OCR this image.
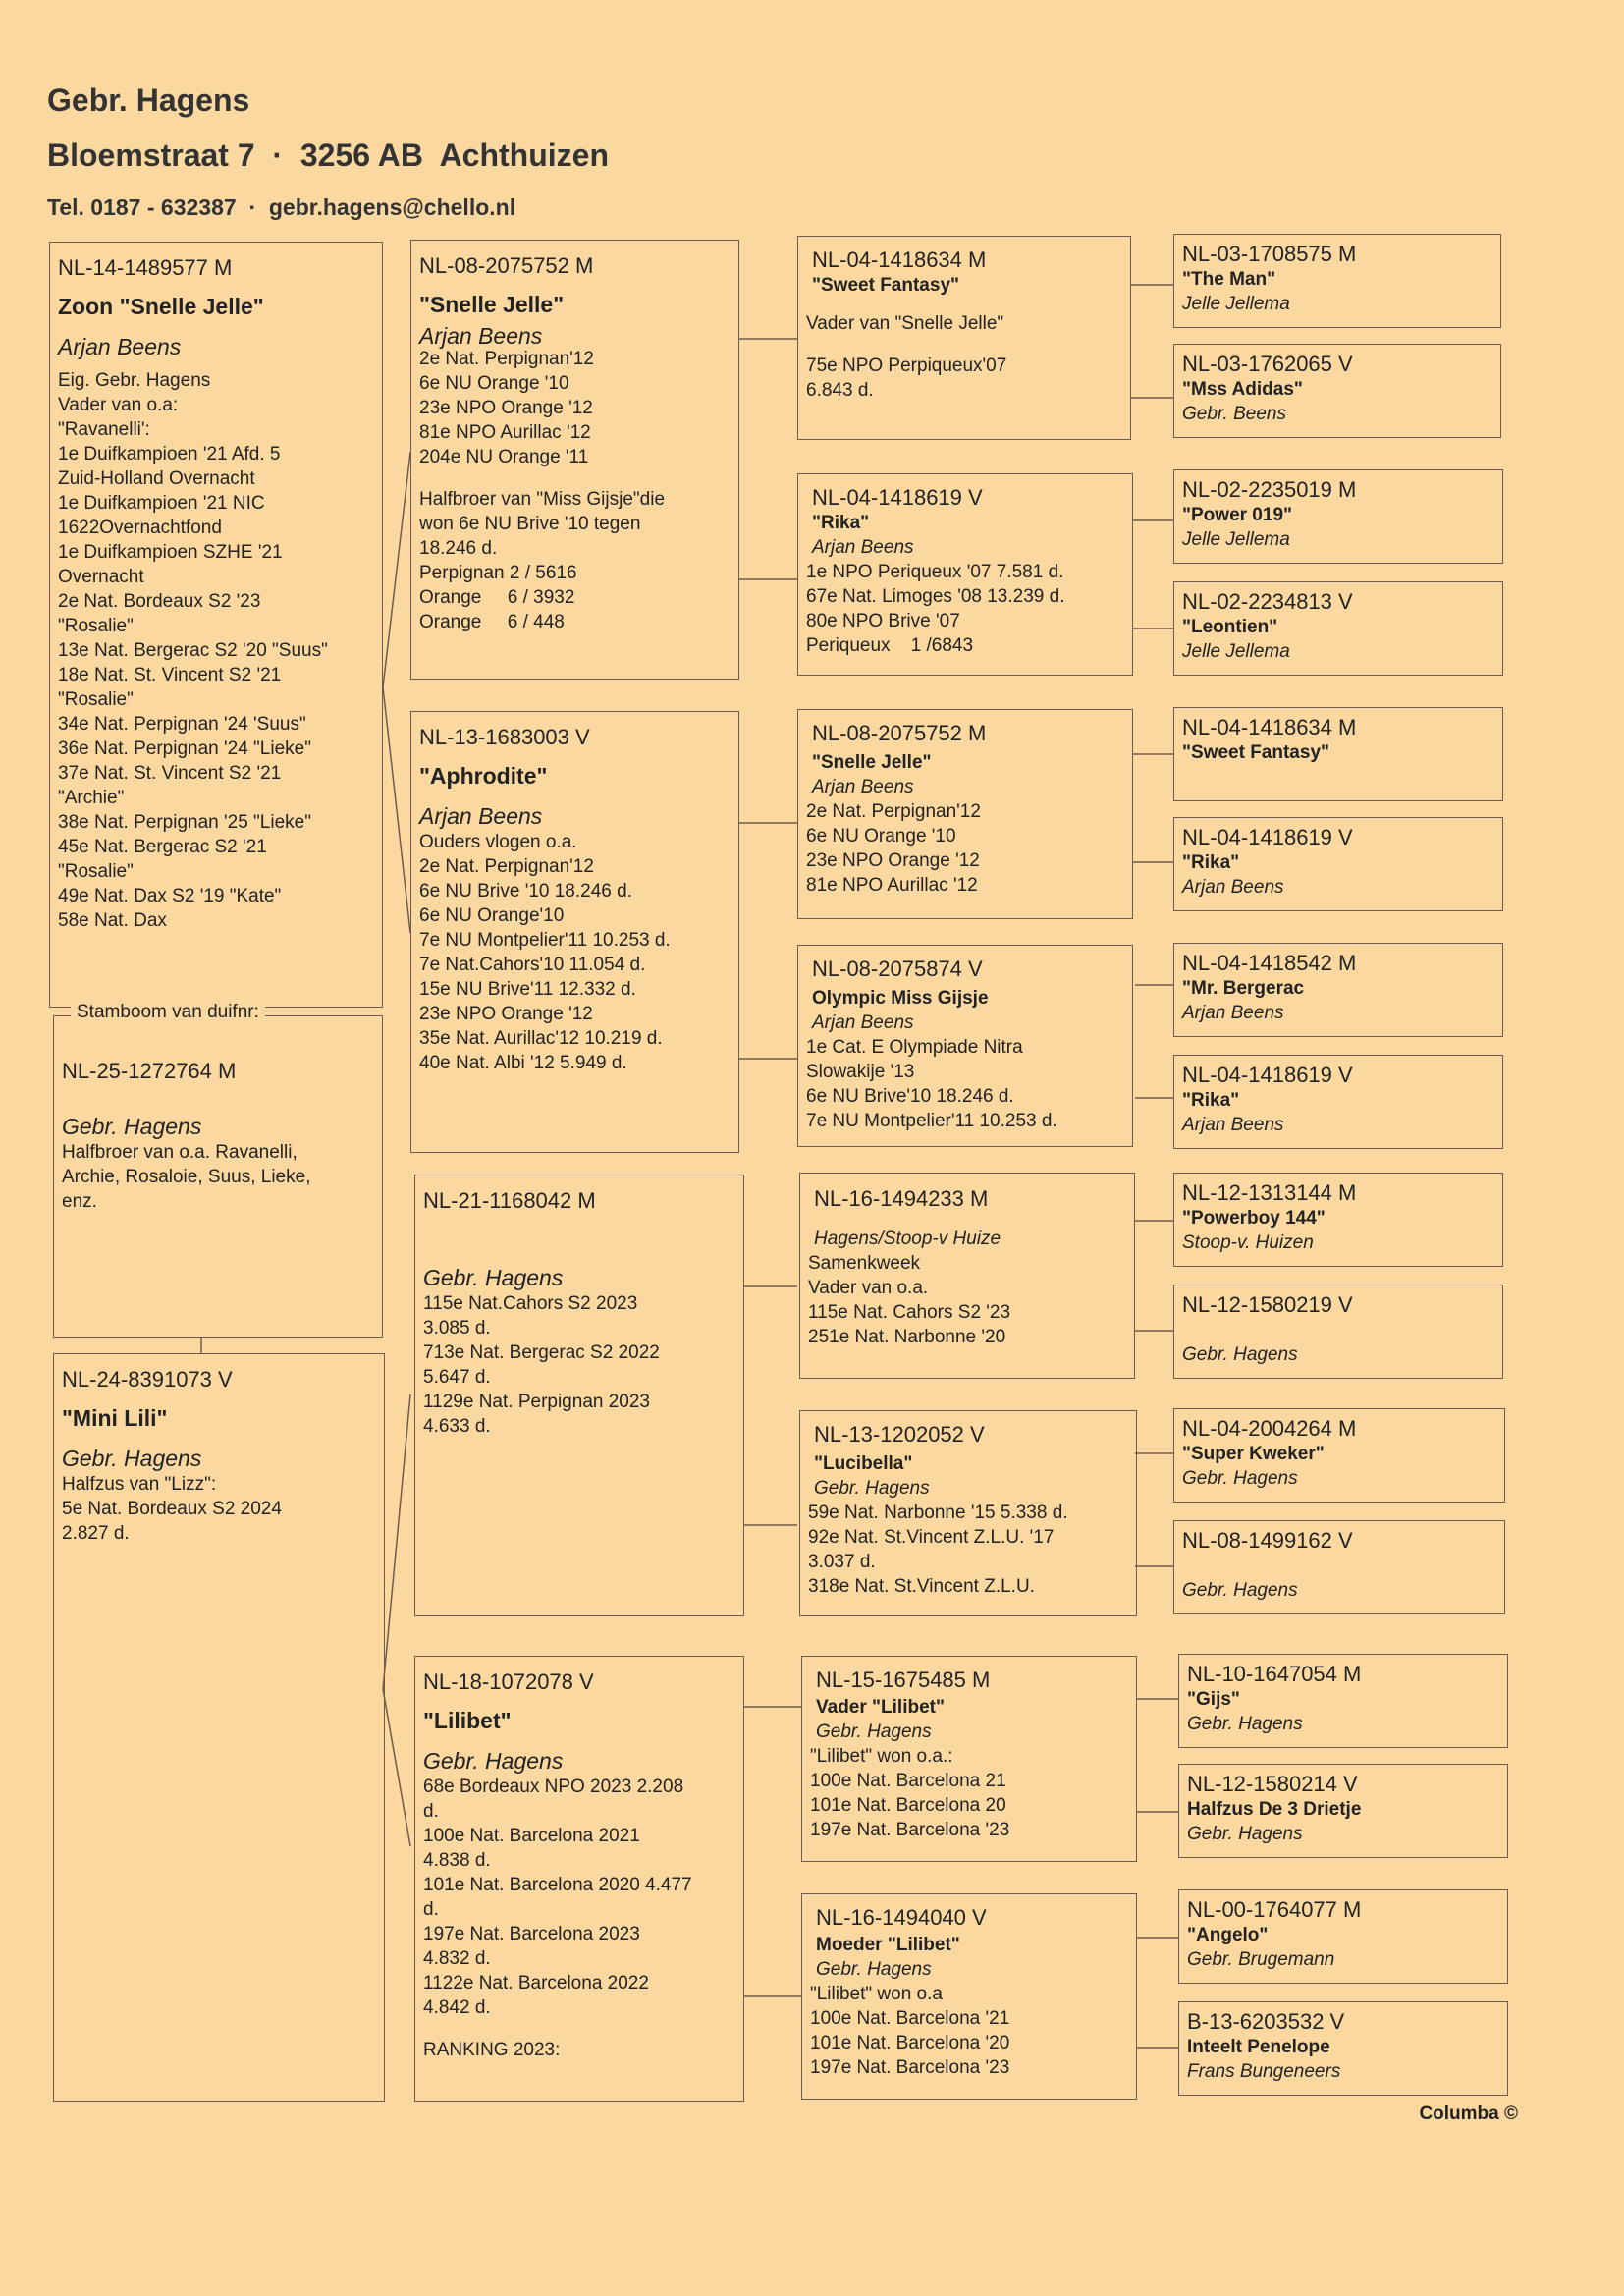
Gebr. Hagens
Bloemstraat 7  ·  3256 AB  Achthuizen
Tel. 0187 - 632387  ·  gebr.hagens@chello.nl
NL-14-1489577 M
Zoon "Snelle Jelle"
Arjan Beens
Eig. Gebr. Hagens
Vader van o.a:
"Ravanelli':
1e Duifkampioen '21 Afd. 5
Zuid-Holland Overnacht
1e Duifkampioen '21 NIC
1622Overnachtfond
1e Duifkampioen SZHE '21
Overnacht
2e Nat. Bordeaux S2 '23
"Rosalie"
13e Nat. Bergerac S2 '20 "Suus"
18e Nat. St. Vincent S2 '21
"Rosalie"
34e Nat. Perpignan '24 'Suus"
36e Nat. Perpignan '24 "Lieke"
37e Nat. St. Vincent S2 '21
"Archie"
38e Nat. Perpignan '25 "Lieke"
45e Nat. Bergerac S2 '21
"Rosalie"
49e Nat. Dax S2 '19 "Kate"
58e Nat. Dax
NL-25-1272764 M
Gebr. Hagens
Halfbroer van o.a. Ravanelli,
Archie, Rosaloie, Suus, Lieke,
enz.
Stamboom van duifnr:
NL-24-8391073 V
"Mini Lili"
Gebr. Hagens
Halfzus van "Lizz":
5e Nat. Bordeaux S2 2024
2.827 d.
NL-08-2075752 M
"Snelle Jelle"
Arjan Beens
2e Nat. Perpignan'12
6e NU Orange '10
23e NPO Orange '12
81e NPO Aurillac '12
204e NU Orange '11
Halfbroer van "Miss Gijsje"die
won 6e NU Brive '10 tegen
18.246 d.
Perpignan 2 / 5616
Orange     6 / 3932
Orange     6 / 448
NL-13-1683003 V
"Aphrodite"
Arjan Beens
Ouders vlogen o.a.
2e Nat. Perpignan'12
6e NU Brive '10 18.246 d.
6e NU Orange'10
7e NU Montpelier'11 10.253 d.
7e Nat.Cahors'10 11.054 d.
15e NU Brive'11 12.332 d.
23e NPO Orange '12
35e Nat. Aurillac'12 10.219 d.
40e Nat. Albi '12 5.949 d.
NL-21-1168042 M
Gebr. Hagens
115e Nat.Cahors S2 2023
3.085 d.
713e Nat. Bergerac S2 2022
5.647 d.
1129e Nat. Perpignan 2023
4.633 d.
NL-18-1072078 V
"Lilibet"
Gebr. Hagens
68e Bordeaux NPO 2023 2.208
d.
100e Nat. Barcelona 2021
4.838 d.
101e Nat. Barcelona 2020 4.477
d.
197e Nat. Barcelona 2023
4.832 d.
1122e Nat. Barcelona 2022
4.842 d.
RANKING 2023:
NL-04-1418634 M
"Sweet Fantasy"
Vader van "Snelle Jelle"
75e NPO Perpiqueux'07
6.843 d.
NL-04-1418619 V
"Rika"
Arjan Beens
1e NPO Periqueux '07 7.581 d.
67e Nat. Limoges '08 13.239 d.
80e NPO Brive '07
Periqueux    1 /6843
NL-08-2075752 M
"Snelle Jelle"
Arjan Beens
2e Nat. Perpignan'12
6e NU Orange '10
23e NPO Orange '12
81e NPO Aurillac '12
NL-08-2075874 V
Olympic Miss Gijsje
Arjan Beens
1e Cat. E Olympiade Nitra
Slowakije '13
6e NU Brive'10 18.246 d.
7e NU Montpelier'11 10.253 d.
NL-16-1494233 M
Hagens/Stoop-v Huize
Samenkweek
Vader van o.a.
115e Nat. Cahors S2 '23
251e Nat. Narbonne '20
NL-13-1202052 V
"Lucibella"
Gebr. Hagens
59e Nat. Narbonne '15 5.338 d.
92e Nat. St.Vincent Z.L.U. '17
3.037 d.
318e Nat. St.Vincent Z.L.U.
NL-15-1675485 M
Vader "Lilibet"
Gebr. Hagens
"Lilibet" won o.a.:
100e Nat. Barcelona 21
101e Nat. Barcelona 20
197e Nat. Barcelona '23
NL-16-1494040 V
Moeder "Lilibet"
Gebr. Hagens
"Lilibet" won o.a
100e Nat. Barcelona '21
101e Nat. Barcelona '20
197e Nat. Barcelona '23
NL-03-1708575 M
"The Man"
Jelle Jellema
NL-03-1762065 V
"Mss Adidas"
Gebr. Beens
NL-02-2235019 M
"Power 019"
Jelle Jellema
NL-02-2234813 V
"Leontien"
Jelle Jellema
NL-04-1418634 M
"Sweet Fantasy"
NL-04-1418619 V
"Rika"
Arjan Beens
NL-04-1418542 M
"Mr. Bergerac
Arjan Beens
NL-04-1418619 V
"Rika"
Arjan Beens
NL-12-1313144 M
"Powerboy 144"
Stoop-v. Huizen
NL-12-1580219 V
Gebr. Hagens
NL-04-2004264 M
"Super Kweker"
Gebr. Hagens
NL-08-1499162 V
Gebr. Hagens
NL-10-1647054 M
"Gijs"
Gebr. Hagens
NL-12-1580214 V
Halfzus De 3 Drietje
Gebr. Hagens
NL-00-1764077 M
"Angelo"
Gebr. Brugemann
B-13-6203532 V
Inteelt Penelope
Frans Bungeneers
Columba ©
